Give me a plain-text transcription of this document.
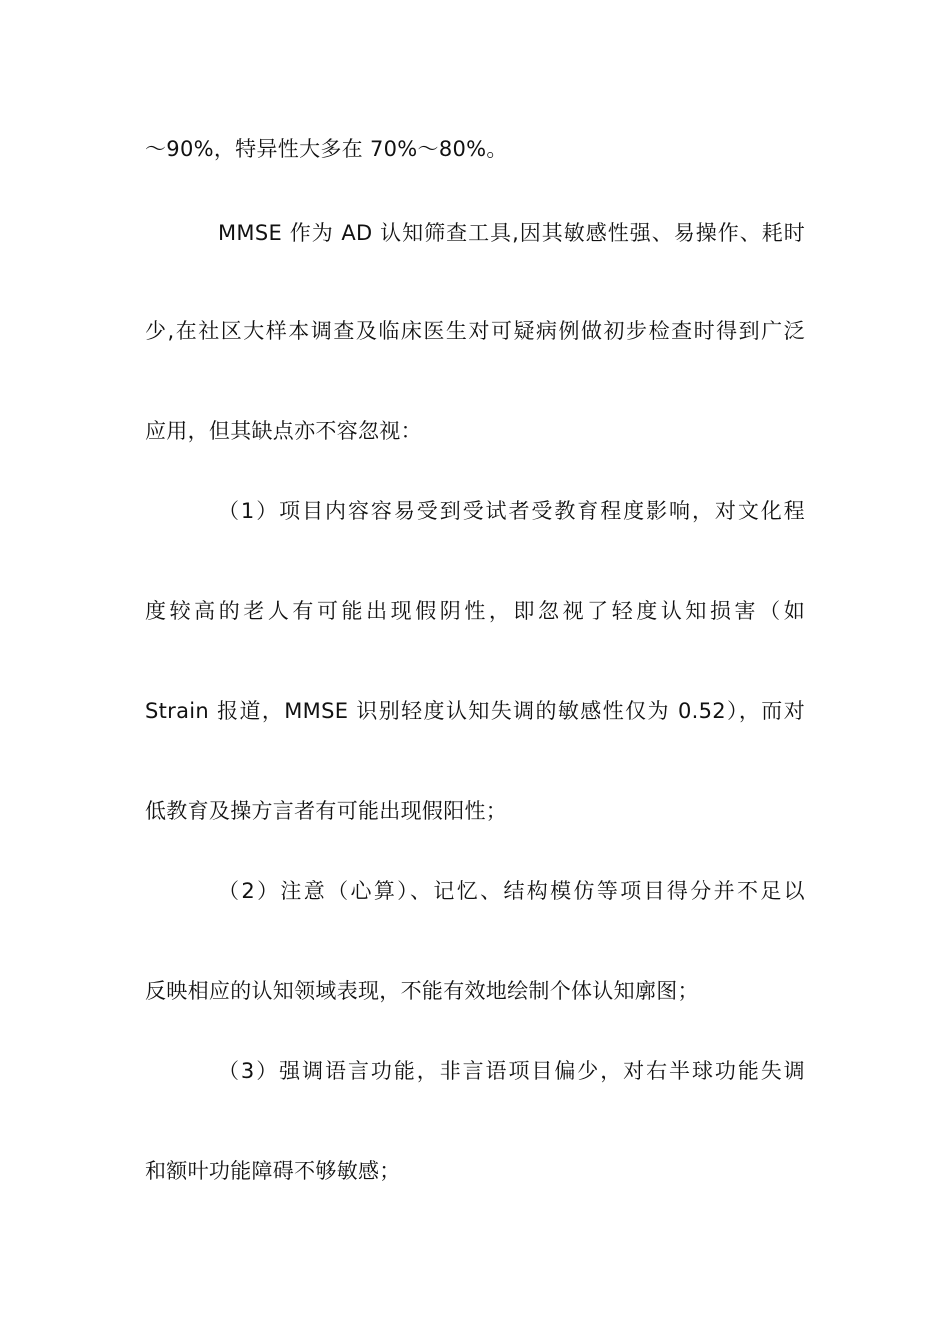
～90%，特异性大多在 70%～80%。
MMSE 作为 AD 认知筛查工具,因其敏感性强、易操作、耗时
少,在社区大样本调查及临床医生对可疑病例做初步检查时得到广泛
应用，但其缺点亦不容忽视：
（1）项目内容容易受到受试者受教育程度影响，对文化程
度较高的老人有可能出现假阴性，即忽视了轻度认知损害（如
Strain 报道，MMSE 识别轻度认知失调的敏感性仅为 0.52），而对
低教育及操方言者有可能出现假阳性；
（2）注意（心算）、记忆、结构模仿等项目得分并不足以
反映相应的认知领域表现，不能有效地绘制个体认知廓图；
（3）强调语言功能，非言语项目偏少，对右半球功能失调
和额叶功能障碍不够敏感；
